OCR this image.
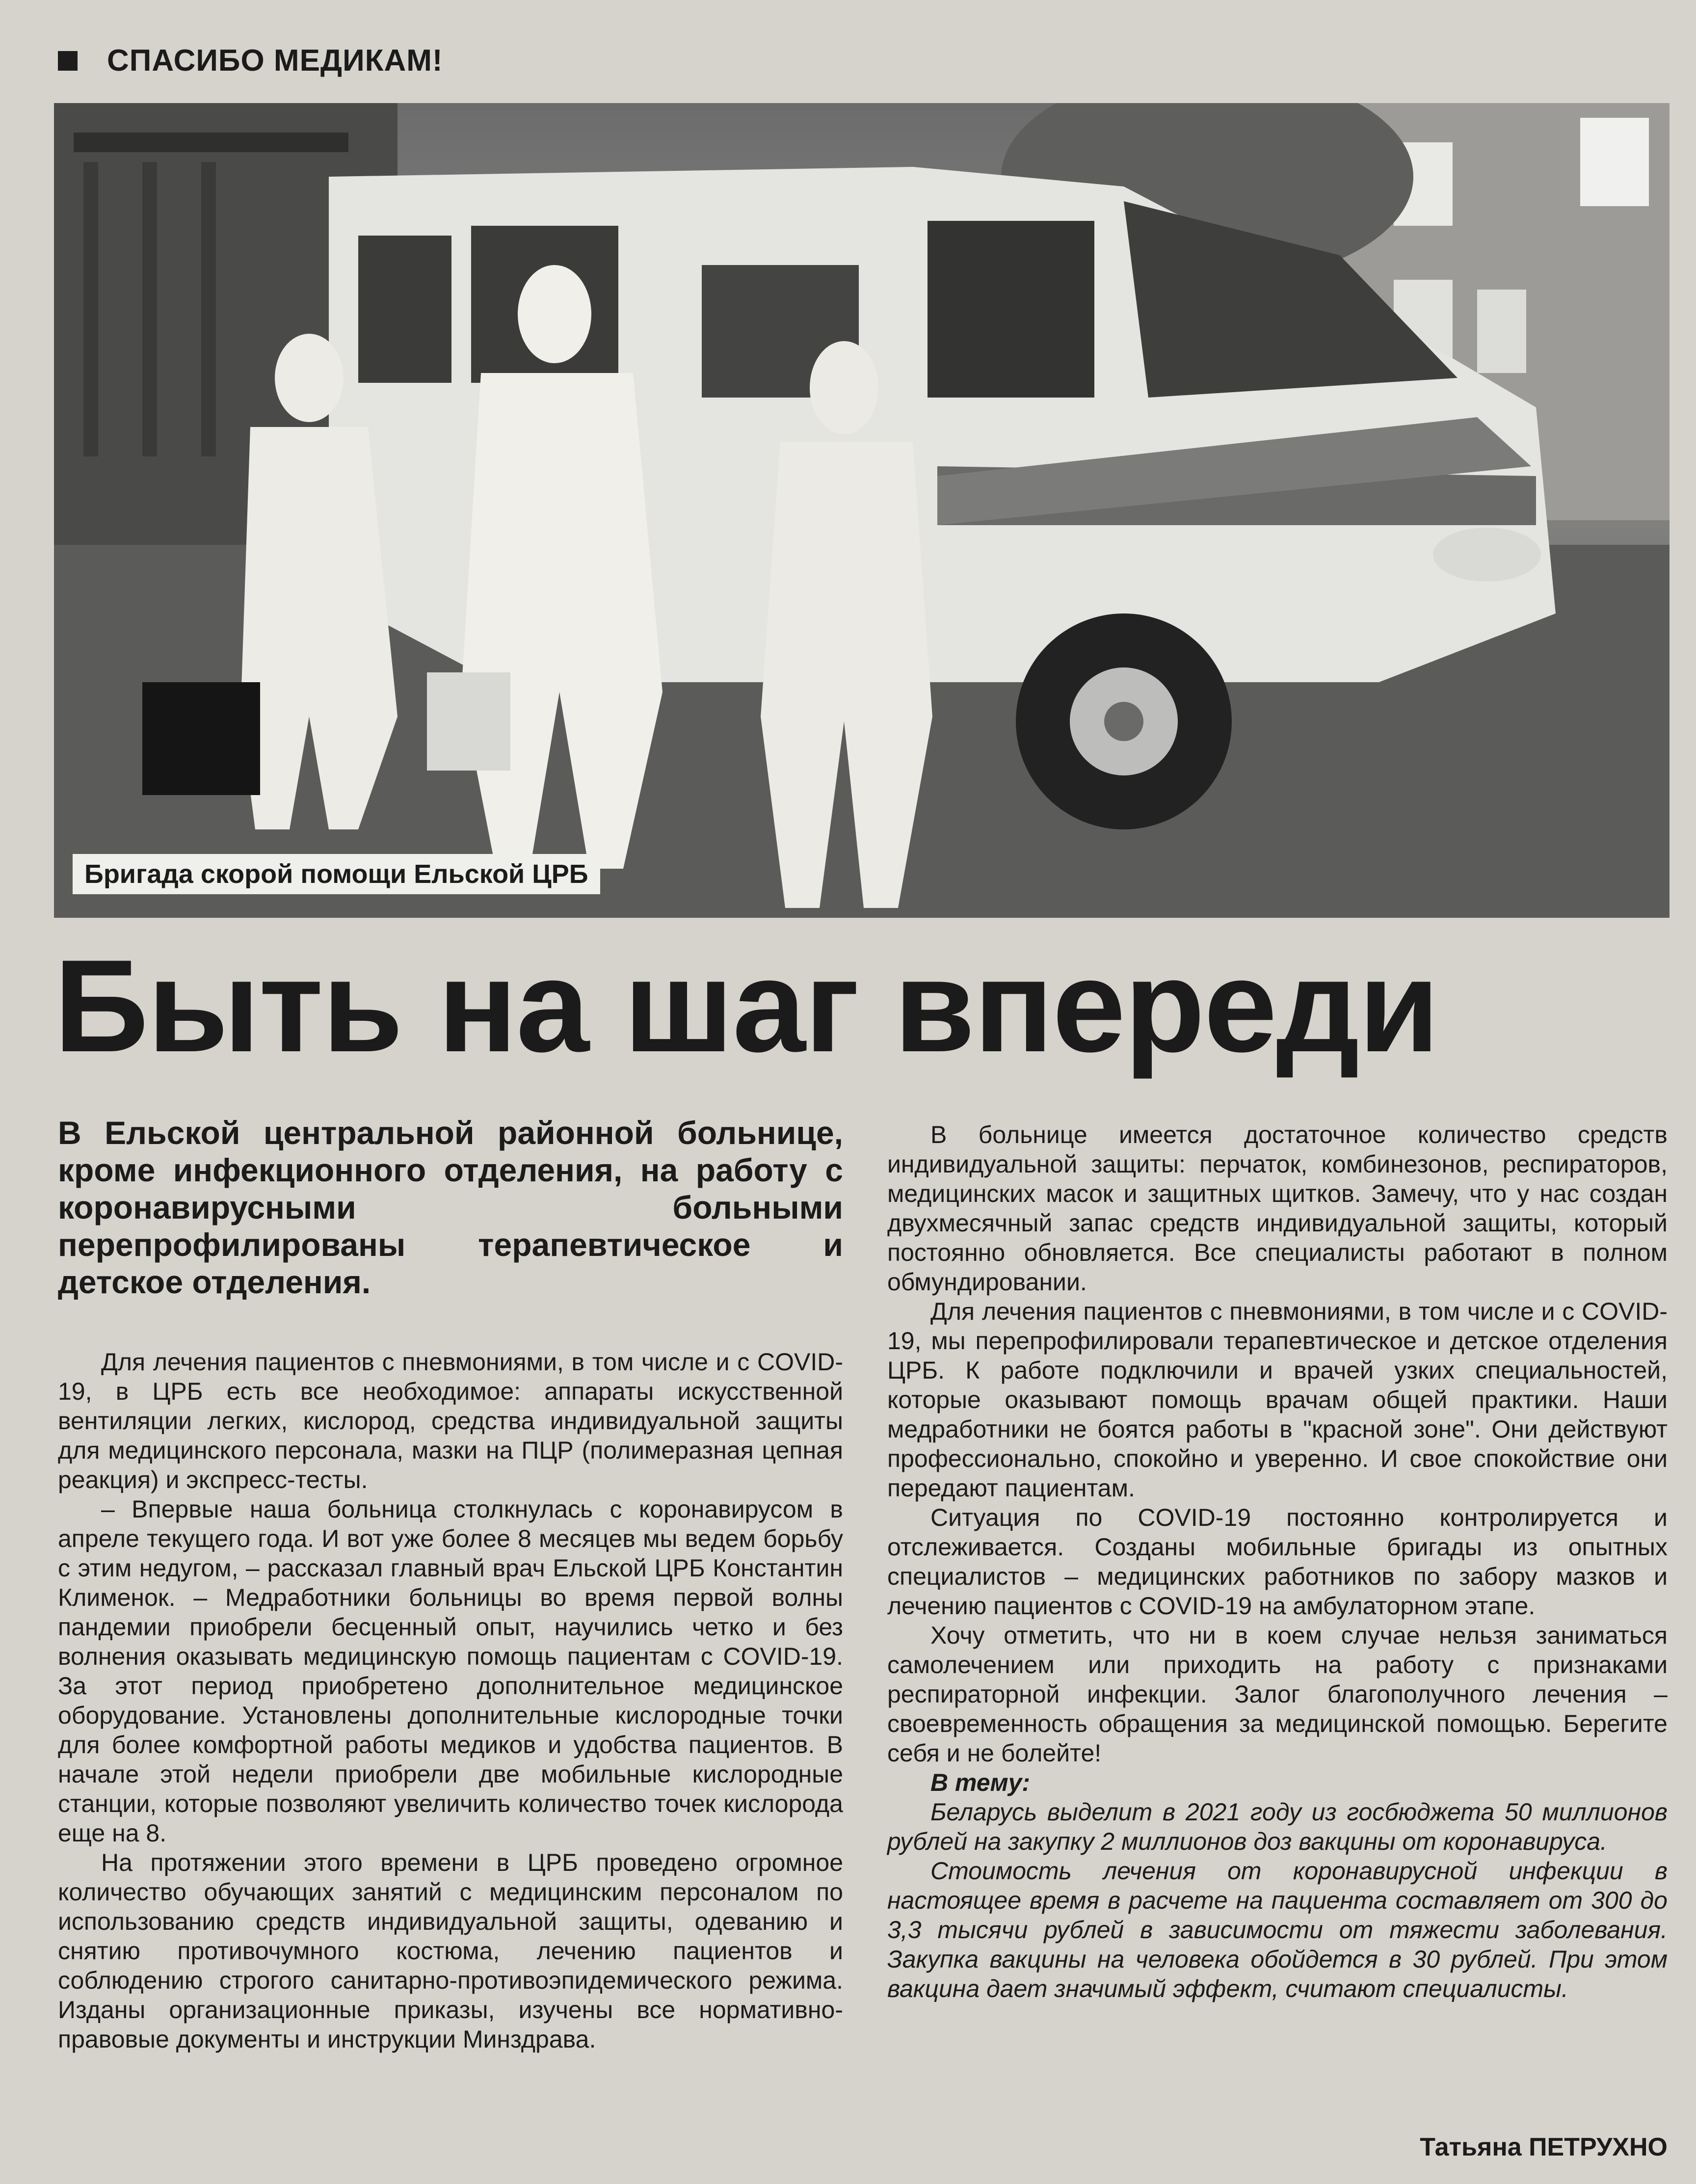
СПАСИБО МЕДИКАМ!
Бригада скорой помощи Ельской ЦРБ
Быть на шаг впереди
В Ельской центральной районной больнице, кроме инфекционного отделения, на работу с коронавирусными больными перепрофилированы терапевтическое и детское отделения.

Для лечения пациентов с пневмониями, в том числе и с COVID-19, в ЦРБ есть все необходимое: аппараты искусственной вентиляции легких, кислород, средства индивидуальной защиты для медицинского персонала, мазки на ПЦР (полимеразная цепная реакция) и экспресс-тесты.

– Впервые наша больница столкнулась с коронавирусом в апреле текущего года. И вот уже более 8 месяцев мы ведем борьбу с этим недугом, – рассказал главный врач Ельской ЦРБ Константин Клименок. – Медработники больницы во время первой волны пандемии приобрели бесценный опыт, научились четко и без волнения оказывать медицинскую помощь пациентам с COVID-19. За этот период приобретено дополнительное медицинское оборудование. Установлены дополнительные кислородные точки для более комфортной работы медиков и удобства пациентов. В начале этой недели приобрели две мобильные кислородные станции, которые позволяют увеличить количество точек кислорода еще на 8.

На протяжении этого времени в ЦРБ проведено огромное количество обучающих занятий с медицинским персоналом по использованию средств индивидуальной защиты, одеванию и снятию противочумного костюма, лечению пациентов и соблюдению строгого санитарно-противоэпидемического режима. Изданы организационные приказы, изучены все нормативно-правовые документы и инструкции Минздрава.

В больнице имеется достаточное количество средств индивидуальной защиты: перчаток, комбинезонов, респираторов, медицинских масок и защитных щитков. Замечу, что у нас создан двухмесячный запас средств индивидуальной защиты, который постоянно обновляется. Все специалисты работают в полном обмундировании.

Для лечения пациентов с пневмониями, в том числе и с COVID-19, мы перепрофилировали терапевтическое и детское отделения ЦРБ. К работе подключили и врачей узких специальностей, которые оказывают помощь врачам общей практики. Наши медработники не боятся работы в "красной зоне". Они действуют профессионально, спокойно и уверенно. И свое спокойствие они передают пациентам.

Ситуация по COVID-19 постоянно контролируется и отслеживается. Созданы мобильные бригады из опытных специалистов – медицинских работников по забору мазков и лечению пациентов с COVID-19 на амбулаторном этапе.

Хочу отметить, что ни в коем случае нельзя заниматься самолечением или приходить на работу с признаками респираторной инфекции. Залог благополучного лечения – своевременность обращения за медицинской помощью. Берегите себя и не болейте!

В тему:

Беларусь выделит в 2021 году из госбюджета 50 миллионов рублей на закупку 2 миллионов доз вакцины от коронавируса.

Стоимость лечения от коронавирусной инфекции в настоящее время в расчете на пациента составляет от 300 до 3,3 тысячи рублей в зависимости от тяжести заболевания. Закупка вакцины на человека обойдется в 30 рублей. При этом вакцина дает значимый эффект, считают специалисты.

Татьяна ПЕТРУХНО
